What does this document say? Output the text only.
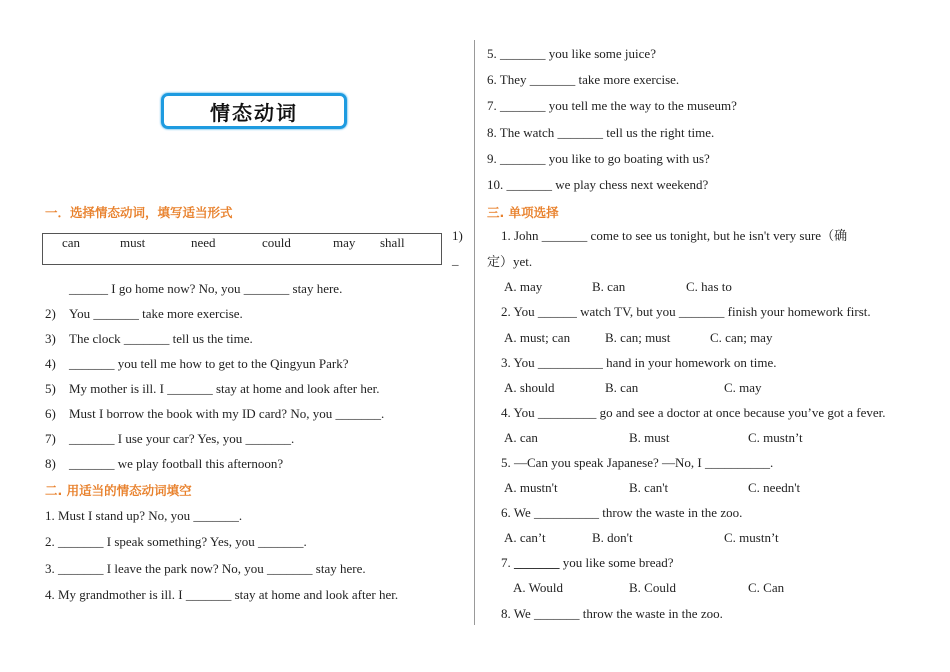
情态动词
一．选择情态动词，填写适当形式
can	must	need	could	may shall	1)
_
______ I go home now? No, you _______ stay here.
2) You _______ take more exercise.
3) The clock _______ tell us the time.
4) _______ you tell me how to get to the Qingyun Park?
5) My mother is ill. I _______ stay at home and look after her.
6) Must I borrow the book with my ID card? No, you _______.
7) _______ I use your car? Yes, you _______.
8) _______ we play football this afternoon?
二. 用适当的情态动词填空
1. Must I stand up? No, you _______.
2. _______ I speak something? Yes, you _______.
3. _______ I leave the park now? No, you _______ stay here.
4. My grandmother is ill. I _______ stay at home and look after her.
5. _______ you like some juice?
6. They _______ take more exercise.
7. _______ you tell me the way to the museum?
8. The watch _______ tell us the right time.
9. _______ you like to go boating with us?
10. _______ we play chess next weekend?
三. 单项选择
1. John _______ come to see us tonight, but he isn't very sure（确
定）yet.
A. may	B. can	C. has to
2. You ______ watch TV, but you _______ finish your homework first.
A. must; can	B. can; must	C. can; may
3. You __________ hand in your homework on time.
A. should	B. can	C. may
4. You _________ go and see a doctor at once because you’ve got a fever.
A. can	B. must	C. mustn’t
5. —Can you speak Japanese? —No, I __________.
A. mustn't	B. can't	C. needn't
6. We __________ throw the waste in the zoo.
A. can’t	B. don't	C. mustn’t
7. _______ you like some bread?
A. Would	B. Could	C. Can
8. We _______ throw the waste in the zoo.
